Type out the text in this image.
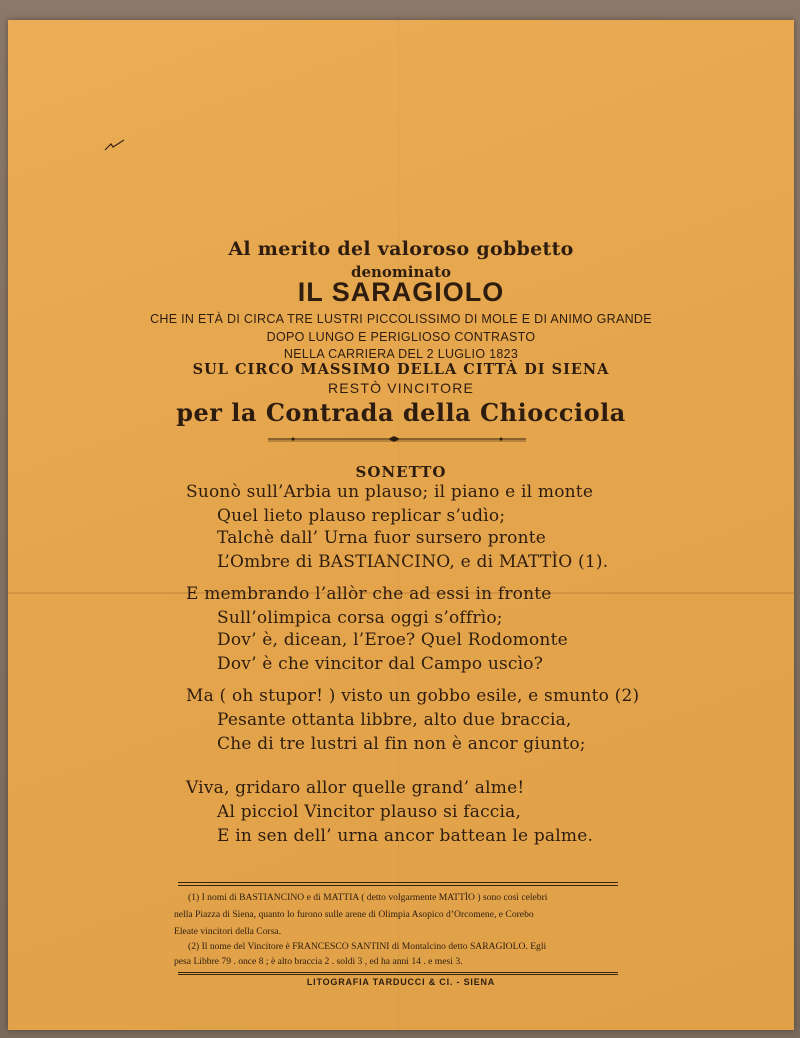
Al merito del valoroso gobbetto
denominato
IL SARAGIOLO
CHE IN ETÀ DI CIRCA TRE LUSTRI PICCOLISSIMO DI MOLE E DI ANIMO GRANDE
DOPO LUNGO E PERIGLIOSO CONTRASTO
NELLA CARRIERA DEL 2 LUGLIO 1823
SUL CIRCO MASSIMO DELLA CITTÀ DI SIENA
RESTÒ VINCITORE
per la Contrada della Chiocciola
SONETTO
Suonò sull’Arbia un plauso; il piano e il monte
Quel lieto plauso replicar s’udìo;
Talchè dall’ Urna fuor sursero pronte
L’Ombre di BASTIANCINO, e di MATTÌO (1).
E membrando l’allòr che ad essi in fronte
Sull’olimpica corsa oggi s’offrìo;
Dov’ è, dicean, l’Eroe? Quel Rodomonte
Dov’ è che vincitor dal Campo uscìo?
Ma ( oh stupor! ) visto un gobbo esile, e smunto (2)
Pesante ottanta libbre, alto due braccia,
Che di tre lustri al fin non è ancor giunto;
Viva, gridaro allor quelle grand’ alme!
Al picciol Vincitor plauso si faccia,
E in sen dell’ urna ancor battean le palme.
(1) I nomi di BASTIANCINO e di MATTIA ( detto volgarmente MATTÌO ) sono così celebri
nella Piazza di Siena, quanto lo furono sulle arene di Olimpia Asopico d’Orcomene, e Corebo
Eleate vincitori della Corsa.
(2) Il nome del Vincitore è FRANCESCO SANTINI di Montalcino detto SARAGIOLO. Egli
pesa Libbre 79 . once 8 ; è alto braccia 2 . soldi 3 , ed ha anni 14 . e mesi 3.
LITOGRAFIA TARDUCCI & CI. - SIENA
